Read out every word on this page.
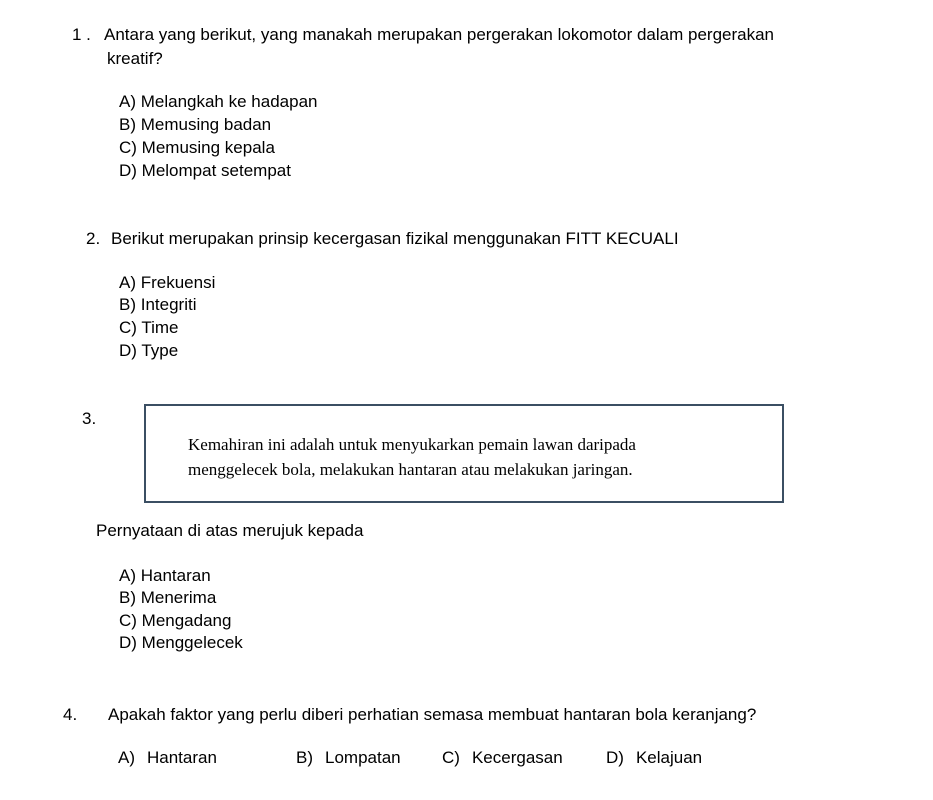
1 . Antara yang berikut, yang manakah merupakan pergerakan lokomotor dalam pergerakan
kreatif?
A) Melangkah ke hadapan
B) Memusing badan
C) Memusing kepala
D) Melompat setempat
2. Berikut merupakan prinsip kecergasan fizikal menggunakan FITT KECUALI
A) Frekuensi
B) Integriti
C) Time
D) Type
3.
Kemahiran ini adalah untuk menyukarkan pemain lawan daripada
menggelecek bola, melakukan hantaran atau melakukan jaringan.
Pernyataan di atas merujuk kepada
A) Hantaran
B) Menerima
C) Mengadang
D) Menggelecek
4. Apakah faktor yang perlu diberi perhatian semasa membuat hantaran bola keranjang?
A) Hantaran	B) Lompatan C) Kecergasan	D) Kelajuan
